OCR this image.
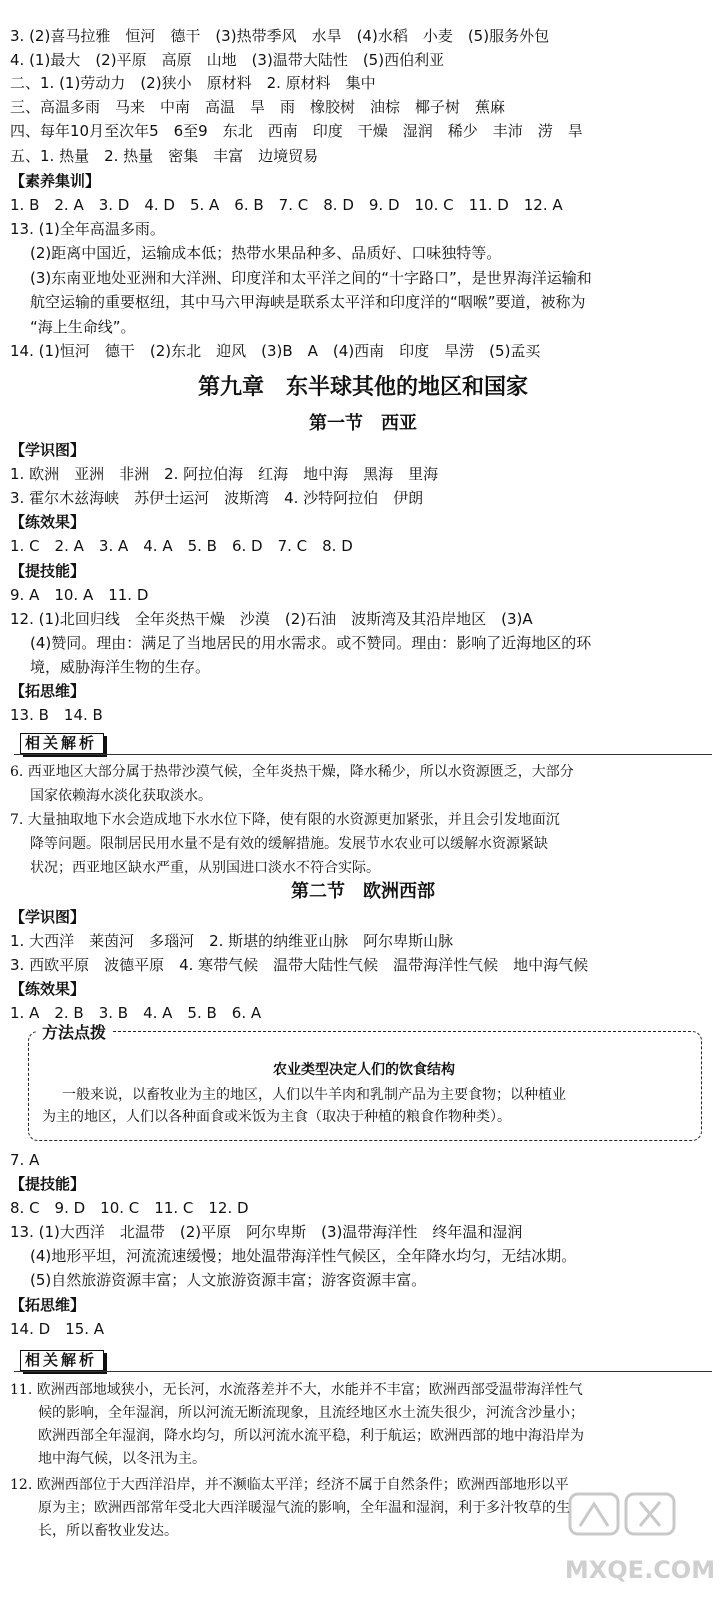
3. (2)喜马拉雅　恒河　德干　(3)热带季风　水旱　(4)水稻　小麦　(5)服务外包
4. (1)最大　(2)平原　高原　山地　(3)温带大陆性　(5)西伯利亚
二、1. (1)劳动力　(2)狭小　原材料　2. 原材料　集中
三、高温多雨　马来　中南　高温　旱　雨　橡胶树　油棕　椰子树　蕉麻
四、每年10月至次年5　6至9　东北　西南　印度　干燥　湿润　稀少　丰沛　涝　旱
五、1. 热量　2. 热量　密集　丰富　边境贸易
【素养集训】
1. B　2. A　3. D　4. D　5. A　6. B　7. C　8. D　9. D　10. C　11. D　12. A
13. (1)全年高温多雨。
(2)距离中国近，运输成本低；热带水果品种多、品质好、口味独特等。
(3)东南亚地处亚洲和大洋洲、印度洋和太平洋之间的“十字路口”，是世界海洋运输和
航空运输的重要枢纽，其中马六甲海峡是联系太平洋和印度洋的“咽喉”要道，被称为
“海上生命线”。
14. (1)恒河　德干　(2)东北　迎风　(3)B　A　(4)西南　印度　旱涝　(5)孟买
第九章　东半球其他的地区和国家
第一节　西亚
【学识图】
1. 欧洲　亚洲　非洲　2. 阿拉伯海　红海　地中海　黑海　里海
3. 霍尔木兹海峡　苏伊士运河　波斯湾　4. 沙特阿拉伯　伊朗
【练效果】
1. C　2. A　3. A　4. A　5. B　6. D　7. C　8. D
【提技能】
9. A　10. A　11. D
12. (1)北回归线　全年炎热干燥　沙漠　(2)石油　波斯湾及其沿岸地区　(3)A
(4)赞同。理由：满足了当地居民的用水需求。或不赞同。理由：影响了近海地区的环
境，威胁海洋生物的生存。
【拓思维】
13. B　14. B
相关解析
6. 西亚地区大部分属于热带沙漠气候，全年炎热干燥，降水稀少，所以水资源匮乏，大部分
国家依赖海水淡化获取淡水。
7. 大量抽取地下水会造成地下水水位下降，使有限的水资源更加紧张，并且会引发地面沉
降等问题。限制居民用水量不是有效的缓解措施。发展节水农业可以缓解水资源紧缺
状况；西亚地区缺水严重，从别国进口淡水不符合实际。
第二节　欧洲西部
【学识图】
1. 大西洋　莱茵河　多瑙河　2. 斯堪的纳维亚山脉　阿尔卑斯山脉
3. 西欧平原　波德平原　4. 寒带气候　温带大陆性气候　温带海洋性气候　地中海气候
【练效果】
1. A　2. B　3. B　4. A　5. B　6. A
方法点拨
农业类型决定人们的饮食结构
一般来说，以畜牧业为主的地区，人们以牛羊肉和乳制产品为主要食物；以种植业
为主的地区，人们以各种面食或米饭为主食（取决于种植的粮食作物种类）。
7. A
【提技能】
8. C　9. D　10. C　11. C　12. D
13. (1)大西洋　北温带　(2)平原　阿尔卑斯　(3)温带海洋性　终年温和湿润
(4)地形平坦，河流流速缓慢；地处温带海洋性气候区，全年降水均匀，无结冰期。
(5)自然旅游资源丰富；人文旅游资源丰富；游客资源丰富。
【拓思维】
14. D　15. A
相关解析
11. 欧洲西部地域狭小，无长河，水流落差并不大，水能并不丰富；欧洲西部受温带海洋性气
候的影响，全年湿润，所以河流无断流现象，且流经地区水土流失很少，河流含沙量小；
欧洲西部全年湿润，降水均匀，所以河流水流平稳，利于航运；欧洲西部的地中海沿岸为
地中海气候，以冬汛为主。
12. 欧洲西部位于大西洋沿岸，并不濒临太平洋；经济不属于自然条件；欧洲西部地形以平
原为主；欧洲西部常年受北大西洋暖湿气流的影响，全年温和湿润，利于多汁牧草的生
长，所以畜牧业发达。
MXQE.COM
